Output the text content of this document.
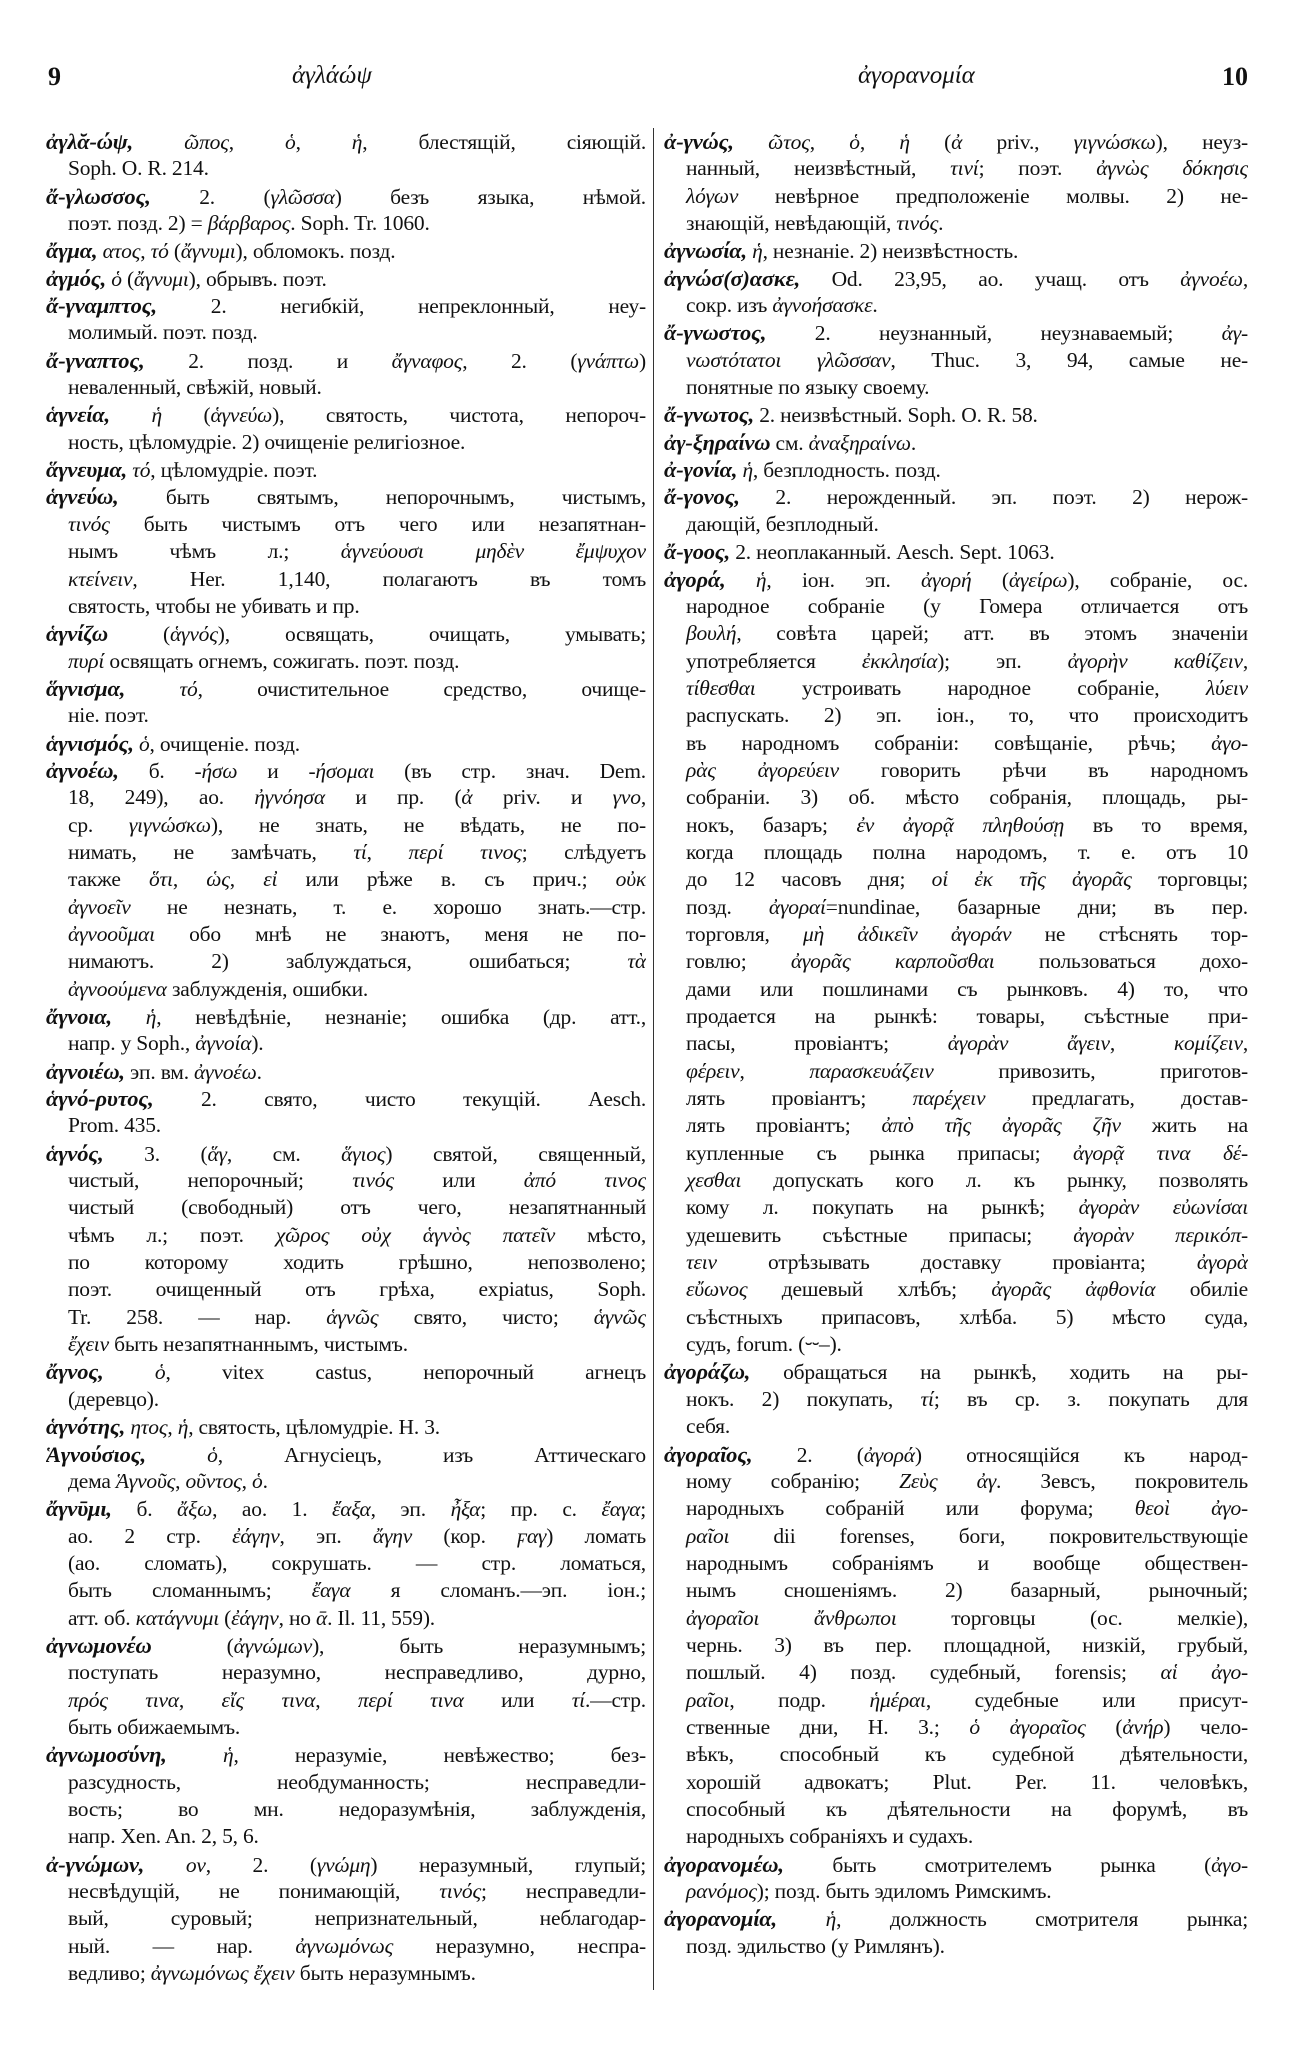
9	ἀγλάώψ	ἀγορανομία	10
ἀγλᾰ-ώψ, ῶπος, ὁ, ἡ, блестящій, сіяющій.
Soph. O. R. 214.
ἄ-γλωσσος, 2. (γλῶσσα) безъ языка, нѣмой.
поэт. позд. 2) = βάρβαρος. Soph. Tr. 1060.
ἄγμα, ατος, τό (ἄγνυμι), обломокъ. позд.
ἀγμός, ὁ (ἄγνυμι), обрывъ. поэт.
ἄ-γναμπτος,	2. негибкій, непреклонный, неу-
молимый. поэт. позд.
ἄ-γναπτος, 2. позд. и ἄγναφος, 2. (γνάπτω)
неваленный, свѣжій, новый.
ἁγνεία, ἡ (ἁγνεύω), святость, чистота, непороч-
ность, цѣломудріе. 2) очищеніе религіозное.
ἅγνευμα, τό, цѣломудріе. поэт.
ἁγνεύω, быть святымъ, непорочнымъ, чистымъ,
τινός быть чистымъ отъ чего или незапятнан-
нымъ чѣмъ л.; ἁγνεύουσι μηδὲν ἔμψυχον
κτείνειν, Her. 1,140, полагаютъ въ томъ
святость, чтобы не убивать и пр.
ἁγνίζω	(ἁγνός), освящать, очищать, умывать;
πυρί освящать огнемъ, сожигать. поэт. позд.
ἅγνισμα,	τό, очистительное средство, очище-
ніе. поэт.
ἁγνισμός, ὁ, очищеніе. позд.
ἀγνοέω, б. -ήσω и -ήσομαι (въ стр. знач. Dem.
18, 249), ао. ἠγνόησα и пр. (ἀ priv. и γνο,
ср. γιγνώσκω), не знать, не вѣдать, не по-
нимать, не замѣчать, τί, περί τινος; слѣдуетъ
также ὅτι, ὡς, εἰ или рѣже в. съ прич.; οὐκ
ἀγνοεῖν не незнать, т. е. хорошо знать.—стр.
ἀγνοοῦμαι обо мнѣ не знаютъ, меня не по-
нимаютъ. 2) заблуждаться, ошибаться; τὰ
ἀγνοούμενα заблужденія, ошибки.
ἄγνοια, ἡ, невѣдѣніе, незнаніе; ошибка (др. атт.,
напр. у Soph., ἀγνοία).
ἀγνοιέω, эп. вм. ἀγνοέω.
ἁγνό-ρυτος, 2. свято, чисто текущій. Aesch.
Prom. 435.
ἁγνός, 3. (ἅγ, см. ἅγιος) святой, священный,
чистый, непорочный; τινός или ἀπό τινος
чистый (свободный) отъ чего, незапятнанный
чѣмъ л.; поэт. χῶρος οὐχ ἁγνὸς πατεῖν мѣсто,
по которому ходить грѣшно, непозволено;
поэт. очищенный отъ грѣха, expiatus, Soph.
Tr. 258. — нар. ἁγνῶς свято, чисто; ἁγνῶς
ἔχειν быть незапятнаннымъ, чистымъ.
ἄγνος, ὁ, vitex castus, непорочный агнецъ
(деревцо).
ἁγνότης, ητος, ἡ, святость, цѣломудріе. H. 3.
Ἁγνούσιος,	ὁ, Агнусіецъ, изъ Аттическаго
дема Ἁγνοῦς, οῦντος, ὁ.
ἄγνῡμι, б. ἄξω, ао. 1. ἔαξα, эп. ἦξα; пр. с. ἔαγα;
ао. 2 стр. ἐάγην, эп. ἄγην (кор. ϝαγ) ломать
(ао. сломать), сокрушать. — стр. ломаться,
быть сломаннымъ; ἔαγα я сломанъ.—эп. іон.;
атт. об. κατάγνυμι (ἐάγην, но ᾱ. Il. 11, 559).
ἀγνωμονέω	(ἀγνώμων), быть неразумнымъ;
поступать неразумно, несправедливо, дурно,
πρός τινα, εἴς τινα, περί τινα или τί.—стр.
быть обижаемымъ.
ἀγνωμοσύνη,	ἡ, неразуміе, невѣжество; без-
разсудность, необдуманность; несправедли-
вость; во мн. недоразумѣнія, заблужденія,
напр. Xen. An. 2, 5, 6.
ἀ-γνώμων, ον, 2. (γνώμη) неразумный, глупый;
несвѣдущій, не понимающій, τινός; несправедли-
вый, суровый; непризнательный, неблагодар-
ный. — нар. ἀγνωμόνως неразумно, неспра-
ведливо; ἀγνωμόνως ἔχειν быть неразумнымъ.
ἀ-γνώς, ῶτος, ὁ, ἡ (ἀ priv., γιγνώσκω), неуз-
нанный, неизвѣстный, τινί; поэт. ἀγνὼς δόκησις
λόγων невѣрное предположеніе молвы. 2) не-
знающій, невѣдающій, τινός.
ἀγνωσία, ἡ, незнаніе. 2) неизвѣстность.
ἀγνώσ(σ)ασκε, Od. 23,95, ао. учащ. отъ ἀγνοέω,
сокр. изъ ἀγνοήσασκε.
ἄ-γνωστος, 2. неузнанный, неузнаваемый; ἀγ-
νωστότατοι γλῶσσαν, Thuc. 3, 94, самые не-
понятные по языку своему.
ἄ-γνωτος, 2. неизвѣстный. Soph. O. R. 58.
ἀγ-ξηραίνω см. ἀναξηραίνω.
ἀ-γονία, ἡ, безплодность. позд.
ἄ-γονος, 2. нерожденный. эп. поэт. 2) нерож-
дающій, безплодный.
ἄ-γοος, 2. неоплаканный. Aesch. Sept. 1063.
ἀγορά, ἡ, іон. эп. ἀγορή (ἀγείρω), собраніе, ос.
народное собраніе (у Гомера отличается отъ
βουλή, совѣта царей; атт. въ этомъ значеніи
употребляется ἐκκλησία); эп. ἀγορὴν καθίζειν,
τίθεσθαι устроивать народное собраніе, λύειν
распускать. 2) эп. іон., то, что происходитъ
въ народномъ собраніи: совѣщаніе, рѣчь; ἀγο-
ρὰς ἀγορεύειν говорить рѣчи въ народномъ
собраніи. 3) об. мѣсто собранія, площадь, ры-
нокъ, базаръ; ἐν ἀγορᾷ πληθούσῃ въ то время,
когда площадь полна народомъ, т. е. отъ 10
до 12 часовъ дня; οἱ ἐκ τῆς ἀγορᾶς торговцы;
позд. ἀγοραί=nundinae, базарные дни; въ пер.
торговля, μὴ ἀδικεῖν ἀγοράν не стѣснять тор-
говлю; ἀγορᾶς καρποῦσθαι пользоваться дохо-
дами или пошлинами съ рынковъ. 4) то, что
продается на рынкѣ: товары, съѣстные при-
пасы, провіантъ; ἀγορὰν ἄγειν, κομίζειν,
φέρειν, παρασκευάζειν привозить, приготов-
лять провіантъ; παρέχειν предлагать, достав-
лять провіантъ; ἀπὸ τῆς ἀγορᾶς ζῆν жить на
купленные съ рынка припасы; ἀγορᾷ τινα δέ-
χεσθαι допускать кого л. къ рынку, позволять
кому л. покупать на рынкѣ; ἀγορὰν εὐωνίσαι
удешевить съѣстные припасы; ἀγορὰν περικόπ-
τειν отрѣзывать доставку провіанта; ἀγορὰ
εὔωνος дешевый хлѣбъ; ἀγορᾶς ἀφθονία обиліе
съѣстныхъ припасовъ, хлѣба. 5) мѣсто суда,
судъ, forum. (⏑⏑–).
ἀγοράζω, обращаться на рынкѣ, ходить на ры-
нокъ. 2) покупать, τί; въ ср. з. покупать для
себя.
ἀγοραῖος, 2. (ἀγορά) относящійся къ народ-
ному собранію; Ζεὺς ἀγ. Зевсъ, покровитель
народныхъ собраній или форума; θεοὶ ἀγο-
ραῖοι dii forenses, боги, покровительствующіе
народнымъ собраніямъ и вообще обществен-
нымъ сношеніямъ. 2) базарный, рыночный;
ἀγοραῖοι ἄνθρωποι торговцы (ос. мелкіе),
чернь. 3) въ пер. площадной, низкій, грубый,
пошлый. 4) позд. судебный, forensis; αἱ ἀγο-
ραῖοι, подр. ἡμέραι, судебные или присут-
ственные дни, H. 3.; ὁ ἀγοραῖος (ἀνήρ) чело-
вѣкъ, способный къ судебной дѣятельности,
хорошій адвокатъ; Plut. Per. 11. человѣкъ,
способный къ дѣятельности на форумѣ, въ
народныхъ собраніяхъ и судахъ.
ἀγορανομέω, быть смотрителемъ рынка (ἀγο-
ρανόμος); позд. быть эдиломъ Римскимъ.
ἀγορανομία, ἡ, должность смотрителя рынка;
позд. эдильство (у Римлянъ).
